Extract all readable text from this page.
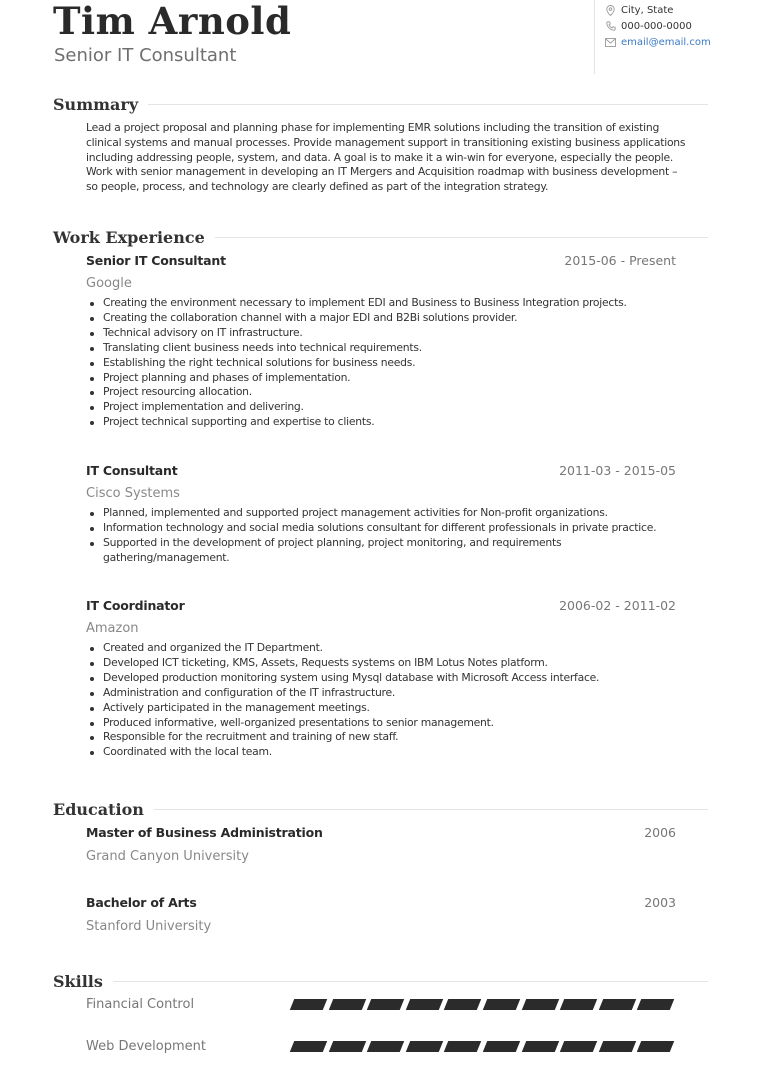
Tim Arnold
Senior IT Consultant
City, State
000-000-0000
email@email.com
Summary
Lead a project proposal and planning phase for implementing EMR solutions including the transition of existing clinical systems and manual processes. Provide management support in transitioning existing business applications including addressing people, system, and data. A goal is to make it a win-win for everyone, especially the people. Work with senior management in developing an IT Mergers and Acquisition roadmap with business development – so people, process, and technology are clearly defined as part of the integration strategy.
Work Experience
Senior IT Consultant	2015-06 - Present
Google
Creating the environment necessary to implement EDI and Business to Business Integration projects.
Creating the collaboration channel with a major EDI and B2Bi solutions provider.
Technical advisory on IT infrastructure.
Translating client business needs into technical requirements.
Establishing the right technical solutions for business needs.
Project planning and phases of implementation.
Project resourcing allocation.
Project implementation and delivering.
Project technical supporting and expertise to clients.
IT Consultant	2011-03 - 2015-05
Cisco Systems
Planned, implemented and supported project management activities for Non-profit organizations.
Information technology and social media solutions consultant for different professionals in private practice.
Supported in the development of project planning, project monitoring, and requirements gathering/management.
IT Coordinator	2006-02 - 2011-02
Amazon
Created and organized the IT Department.
Developed ICT ticketing, KMS, Assets, Requests systems on IBM Lotus Notes platform.
Developed production monitoring system using Mysql database with Microsoft Access interface.
Administration and configuration of the IT infrastructure.
Actively participated in the management meetings.
Produced informative, well-organized presentations to senior management.
Responsible for the recruitment and training of new staff.
Coordinated with the local team.
Education
Master of Business Administration	2006
Grand Canyon University
Bachelor of Arts	2003
Stanford University
Skills
Financial Control
Web Development
